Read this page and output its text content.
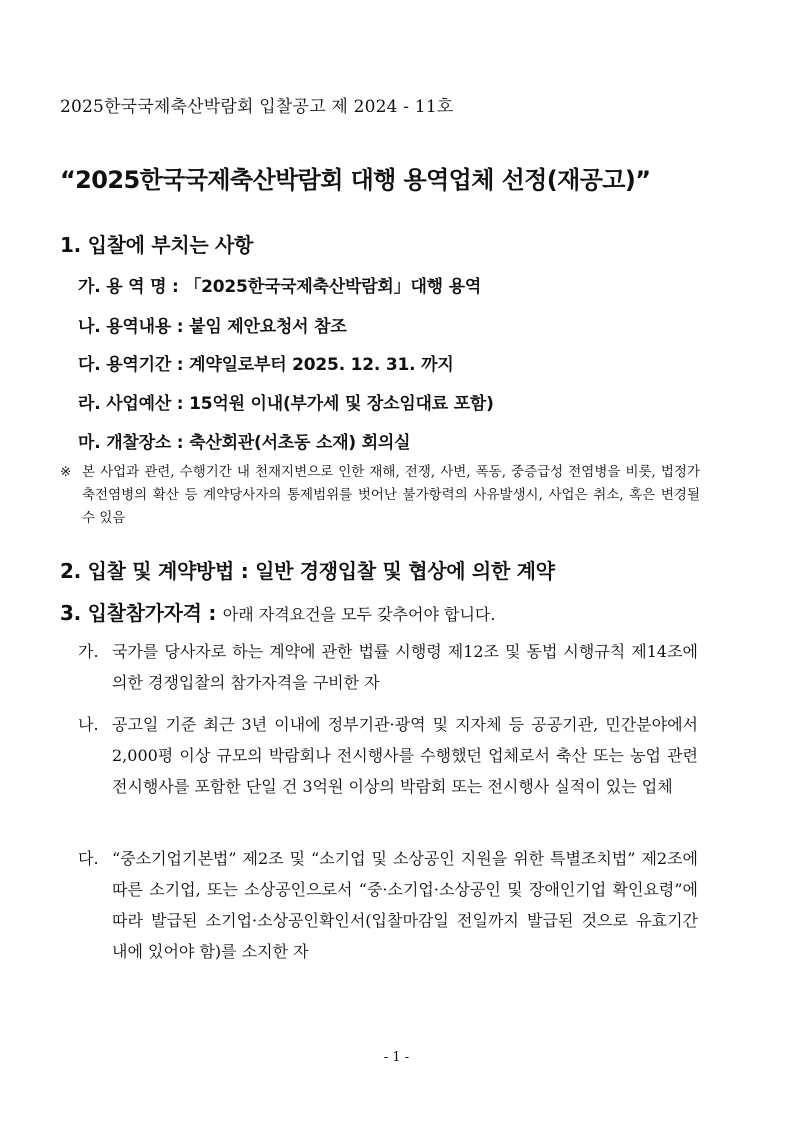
2025한국국제축산박람회 입찰공고 제 2024 - 11호
“2025한국국제축산박람회 대행 용역업체 선정(재공고)”
1. 입찰에 부치는 사항
가. 용 역 명 : 「2025한국국제축산박람회」대행 용역
나. 용역내용 : 붙임 제안요청서 참조
다. 용역기간 : 계약일로부터 2025. 12. 31. 까지
라. 사업예산 : 15억원 이내(부가세 및 장소임대료 포함)
마. 개찰장소 : 축산회관(서초동 소재) 회의실
※ 본 사업과 관련, 수행기간 내 천재지변으로 인한 재해, 전쟁, 사변, 폭동, 중증급성 전염병을 비롯, 법정가축전염병의 확산 등 계약당사자의 통제범위를 벗어난 불가항력의 사유발생시, 사업은 취소, 혹은 변경될 수 있음
2. 입찰 및 계약방법 : 일반 경쟁입찰 및 협상에 의한 계약
3. 입찰참가자격 : 아래 자격요건을 모두 갖추어야 합니다.
가. 국가를 당사자로 하는 계약에 관한 법률 시행령 제12조 및 동법 시행규칙 제14조에 의한 경쟁입찰의 참가자격을 구비한 자
나. 공고일 기준 최근 3년 이내에 정부기관·광역 및 지자체 등 공공기관, 민간분야에서 2,000평 이상 규모의 박람회나 전시행사를 수행했던 업체로서 축산 또는 농업 관련 전시행사를 포함한 단일 건 3억원 이상의 박람회 또는 전시행사 실적이 있는 업체
다. “중소기업기본법” 제2조 및 “소기업 및 소상공인 지원을 위한 특별조치법” 제2조에 따른 소기업, 또는 소상공인으로서 “중·소기업·소상공인 및 장애인기업 확인요령”에 따라 발급된 소기업·소상공인확인서(입찰마감일 전일까지 발급된 것으로 유효기간 내에 있어야 함)를 소지한 자
- 1 -
